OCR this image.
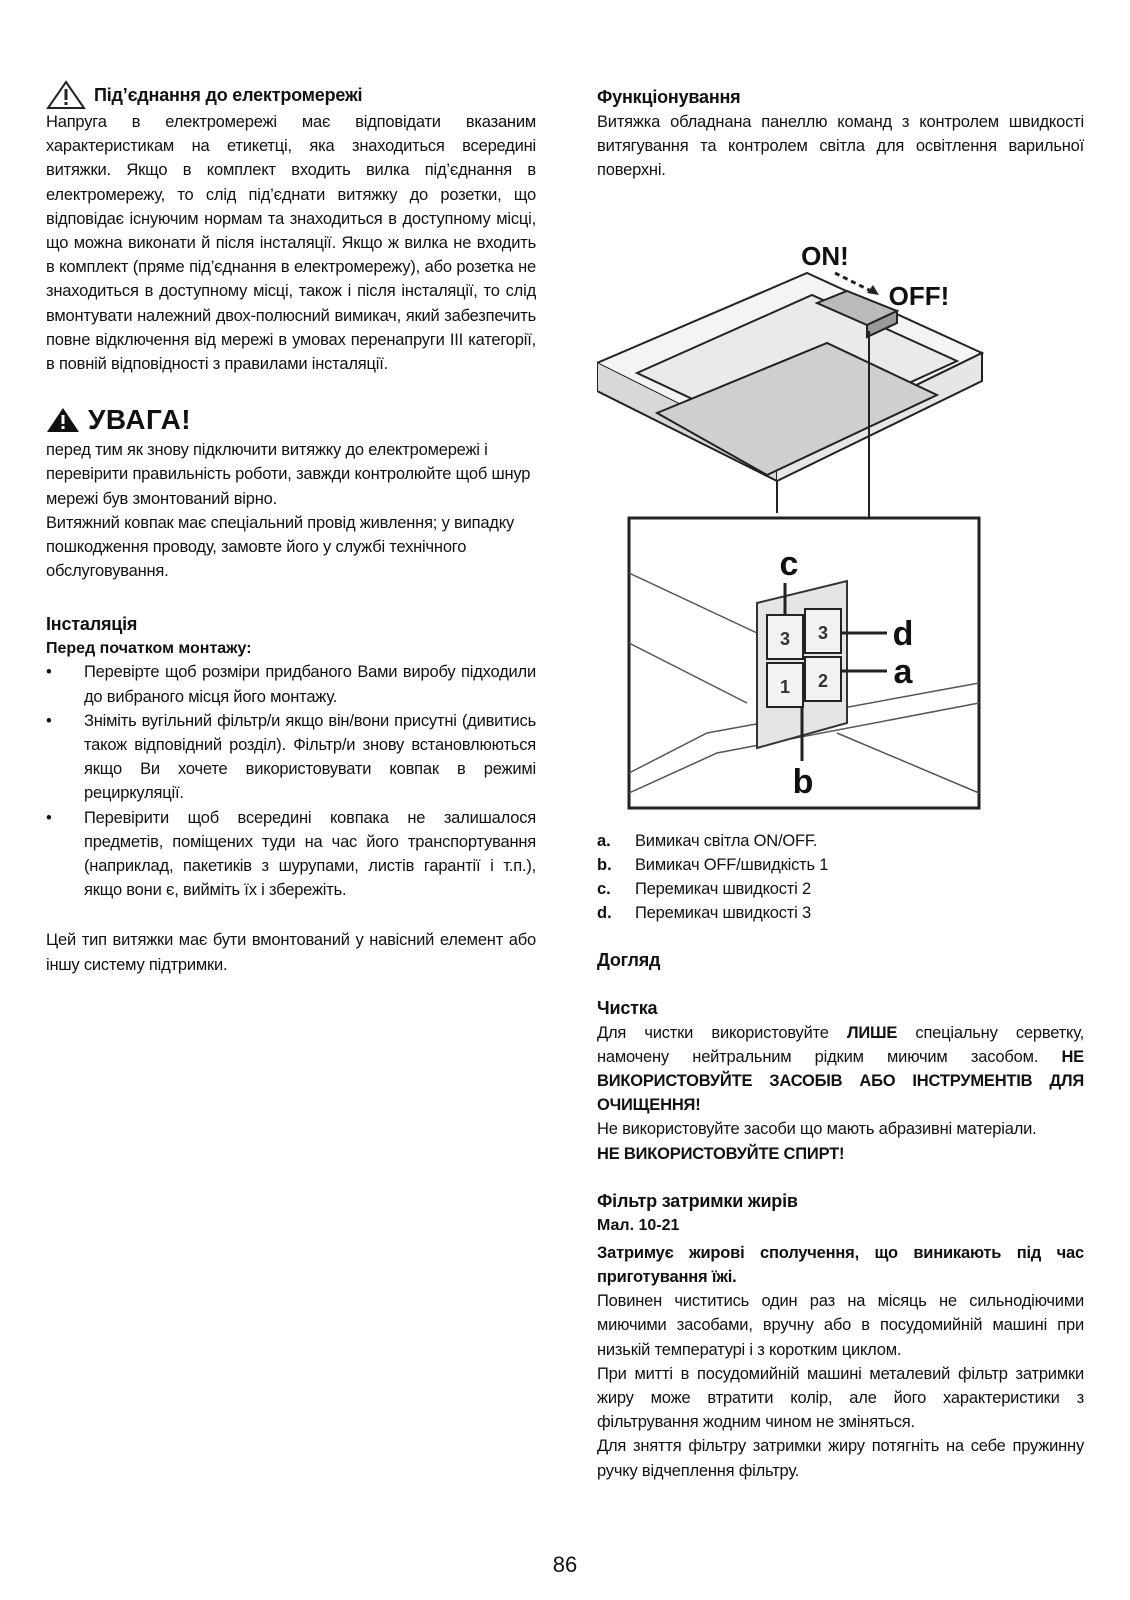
Під’єднання до електромережі

Напруга в електромережі має відповідати вказаним характеристикам на етикетці, яка знаходиться всередині витяжки. Якщо в комплект входить вилка під’єднання в електромережу, то слід під’єднати витяжку до розетки, що відповідає існуючим нормам та знаходиться в доступному місці, що можна виконати й після інсталяції. Якщо ж вилка не входить в комплект (пряме під’єднання в електромережу), або розетка не знаходиться в доступному місці, також і після інсталяції, то слід вмонтувати належний двох-полюсний вимикач, який забезпечить повне відключення від мережі в умовах перенапруги III категорії, в повній відповідності з правилами інсталяції.

УВАГА!

перед тим як знову підключити витяжку до електромережі і перевірити правильність роботи, завжди контролюйте щоб шнур мережі був змонтований вірно.

Витяжний ковпак має спеціальний провід живлення; у випадку пошкодження проводу, замовте його у службі технічного обслуговування.

Інсталяція
Перед початком монтажу:
• Перевірте щоб розміри придбаного Вами виробу підходили до вибраного місця його монтажу.
• Зніміть вугільний фільтр/и якщо він/вони присутні (дивитись також відповідний розділ). Фільтр/и знову встановлюються якщо Ви хочете використовувати ковпак в режимі рециркуляції.
• Перевірити щоб всередині ковпака не залишалося предметів, поміщених туди на час його транспортування (наприклад, пакетиків з шурупами, листів гарантії і т.п.), якщо вони є, вийміть їх і збережіть.

Цей тип витяжки має бути вмонтований у навісний елемент або іншу систему підтримки.

Функціонування

Витяжка обладнана панеллю команд з контролем швидкості витягування та контролем світла для освітлення варильної поверхні.

3 3
1 2
c
d
a
b
ON!
OFF!
a.	Вимикач світла ON/OFF.
b.	Вимикач OFF/швидкість 1
c.	Перемикач швидкості 2
d.	Перемикач швидкості 3
Догляд
Чистка

Для чистки використовуйте ЛИШЕ спеціальну серветку, намочену нейтральним рідким миючим засобом. НЕ ВИКОРИСТОВУЙТЕ ЗАСОБІВ АБО ІНСТРУМЕНТІВ ДЛЯ ОЧИЩЕННЯ!

Не використовуйте засоби що мають абразивні матеріали.

НЕ ВИКОРИСТОВУЙТЕ СПИРТ!

Фільтр затримки жирів
Мал. 10-21

Затримує жирові сполучення, що виникають під час приготування їжі.

Повинен чиститись один раз на місяць не сильнодіючими миючими засобами, вручну або в посудомийній машині при низькій температурі і з коротким циклом.

При митті в посудомийній машині металевий фільтр затримки жиру може втратити колір, але його характеристики з фільтрування жодним чином не зміняться.

Для зняття фільтру затримки жиру потягніть на себе пружинну ручку відчеплення фільтру.

86
